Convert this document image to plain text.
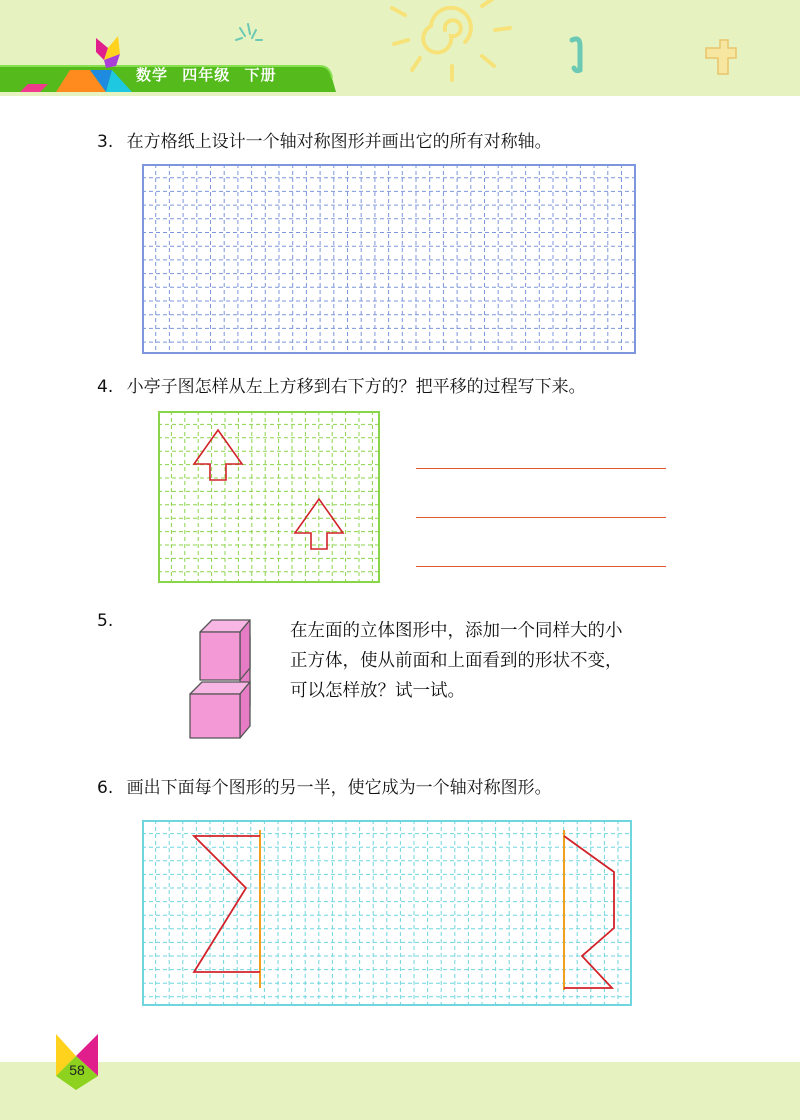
数学 四年级 下册
3. 在方格纸上设计一个轴对称图形并画出它的所有对称轴。
4. 小亭子图怎样从左上方移到右下方的？把平移的过程写下来。
5.	在左面的立体图形中，添加一个同样大的小
正方体，使从前面和上面看到的形状不变，
可以怎样放？试一试。
6. 画出下面每个图形的另一半，使它成为一个轴对称图形。
58
